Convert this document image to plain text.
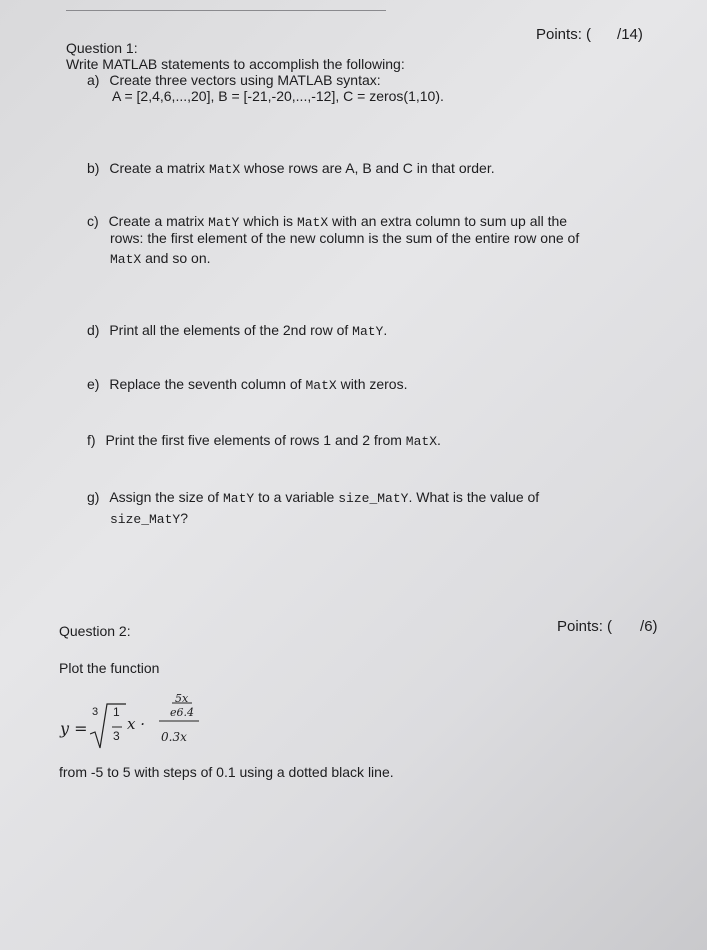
Points: ( /14)
Question 1:
Write MATLAB statements to accomplish the following:
a) Create three vectors using MATLAB syntax:
A = [2,4,6,...,20], B = [-21,-20,...,-12], C = zeros(1,10).
b) Create a matrix MatX whose rows are A, B and C in that order.
c) Create a matrix MatY which is MatX with an extra column to sum up all the
rows: the first element of the new column is the sum of the entire row one of
MatX and so on.
d) Print all the elements of the 2nd row of MatY.
e) Replace the seventh column of MatX with zeros.
f) Print the first five elements of rows 1 and 2 from MatX.
g) Assign the size of MatY to a variable size_MatY. What is the value of
size_MatY?
Points: ( /6)
Question 2:
Plot the function
y =
3 1
3
x ·
5x
e6.4
0.3x
from -5 to 5 with steps of 0.1 using a dotted black line.
